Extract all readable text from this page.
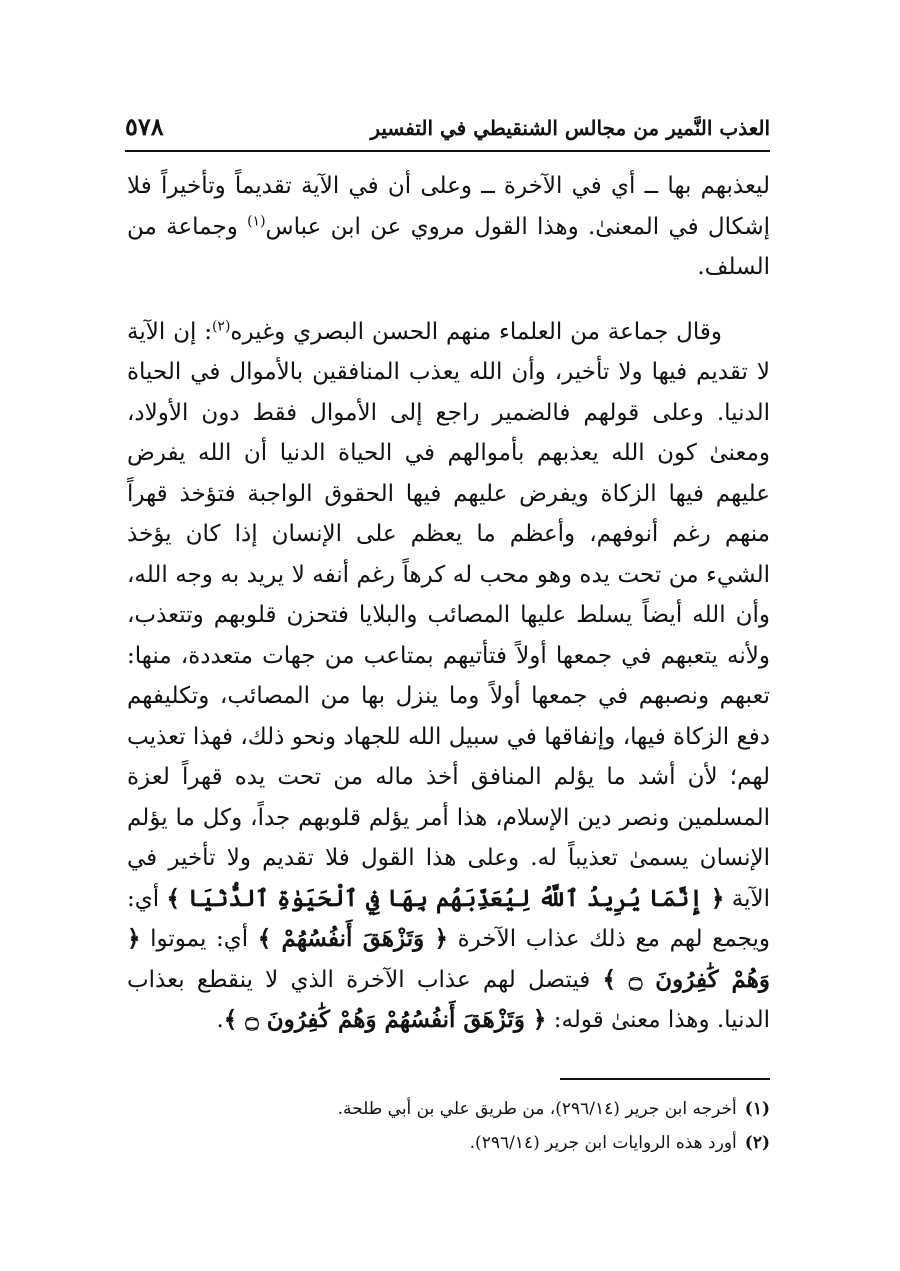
العذب النَّمير من مجالس الشنقيطي في التفسير
٥٧٨

ليعذبهم بها ــ أي في الآخرة ــ وعلى أن في الآية تقديماً وتأخيراً فلا إشكال في المعنىٰ. وهذا القول مروي عن ابن عباس$^{(١)}$ وجماعة من السلف.

وقال جماعة من العلماء منهم الحسن البصري وغيره$^{(٢)}$: إن الآية لا تقديم فيها ولا تأخير، وأن الله يعذب المنافقين بالأموال في الحياة الدنيا. وعلى قولهم فالضمير راجع إلى الأموال فقط دون الأولاد، ومعنىٰ كون الله يعذبهم بأموالهم في الحياة الدنيا أن الله يفرض عليهم فيها الزكاة ويفرض عليهم فيها الحقوق الواجبة فتؤخذ قهراً منهم رغم أنوفهم، وأعظم ما يعظم على الإنسان إذا كان يؤخذ الشيء من تحت يده وهو محب له كرهاً رغم أنفه لا يريد به وجه الله، وأن الله أيضاً يسلط عليها المصائب والبلايا فتحزن قلوبهم وتتعذب، ولأنه يتعبهم في جمعها أولاً فتأتيهم بمتاعب من جهات متعددة، منها: تعبهم ونصبهم في جمعها أولاً وما ينزل بها من المصائب، وتكليفهم دفع الزكاة فيها، وإنفاقها في سبيل الله للجهاد ونحو ذلك، فهذا تعذيب لهم؛ لأن أشد ما يؤلم المنافق أخذ ماله من تحت يده قهراً لعزة المسلمين ونصر دين الإسلام، هذا أمر يؤلم قلوبهم جداً، وكل ما يؤلم الإنسان يسمىٰ تعذيباً له. وعلى هذا القول فلا تقديم ولا تأخير في الآية ﴿ إِنَّمَا يُرِيدُ ٱللَّهُ لِيُعَذِّبَهُم بِهَا فِي ٱلْحَيَوٰةِ ٱلدُّنْيَا ﴾ أي: ويجمع لهم مع ذلك عذاب الآخرة ﴿ وَتَزْهَقَ أَنفُسُهُمْ ﴾ أي: يموتوا ﴿ وَهُمْ كَٰفِرُونَ ۝ ﴾ فيتصل لهم عذاب الآخرة الذي لا ينقطع بعذاب الدنيا. وهذا معنىٰ قوله: ﴿ وَتَزْهَقَ أَنفُسُهُمْ وَهُمْ كَٰفِرُونَ ۝ ﴾.

(١)أخرجه ابن جرير (٢٩٦/١٤)، من طريق علي بن أبي طلحة.
(٢)أورد هذه الروايات ابن جرير (٢٩٦/١٤).
